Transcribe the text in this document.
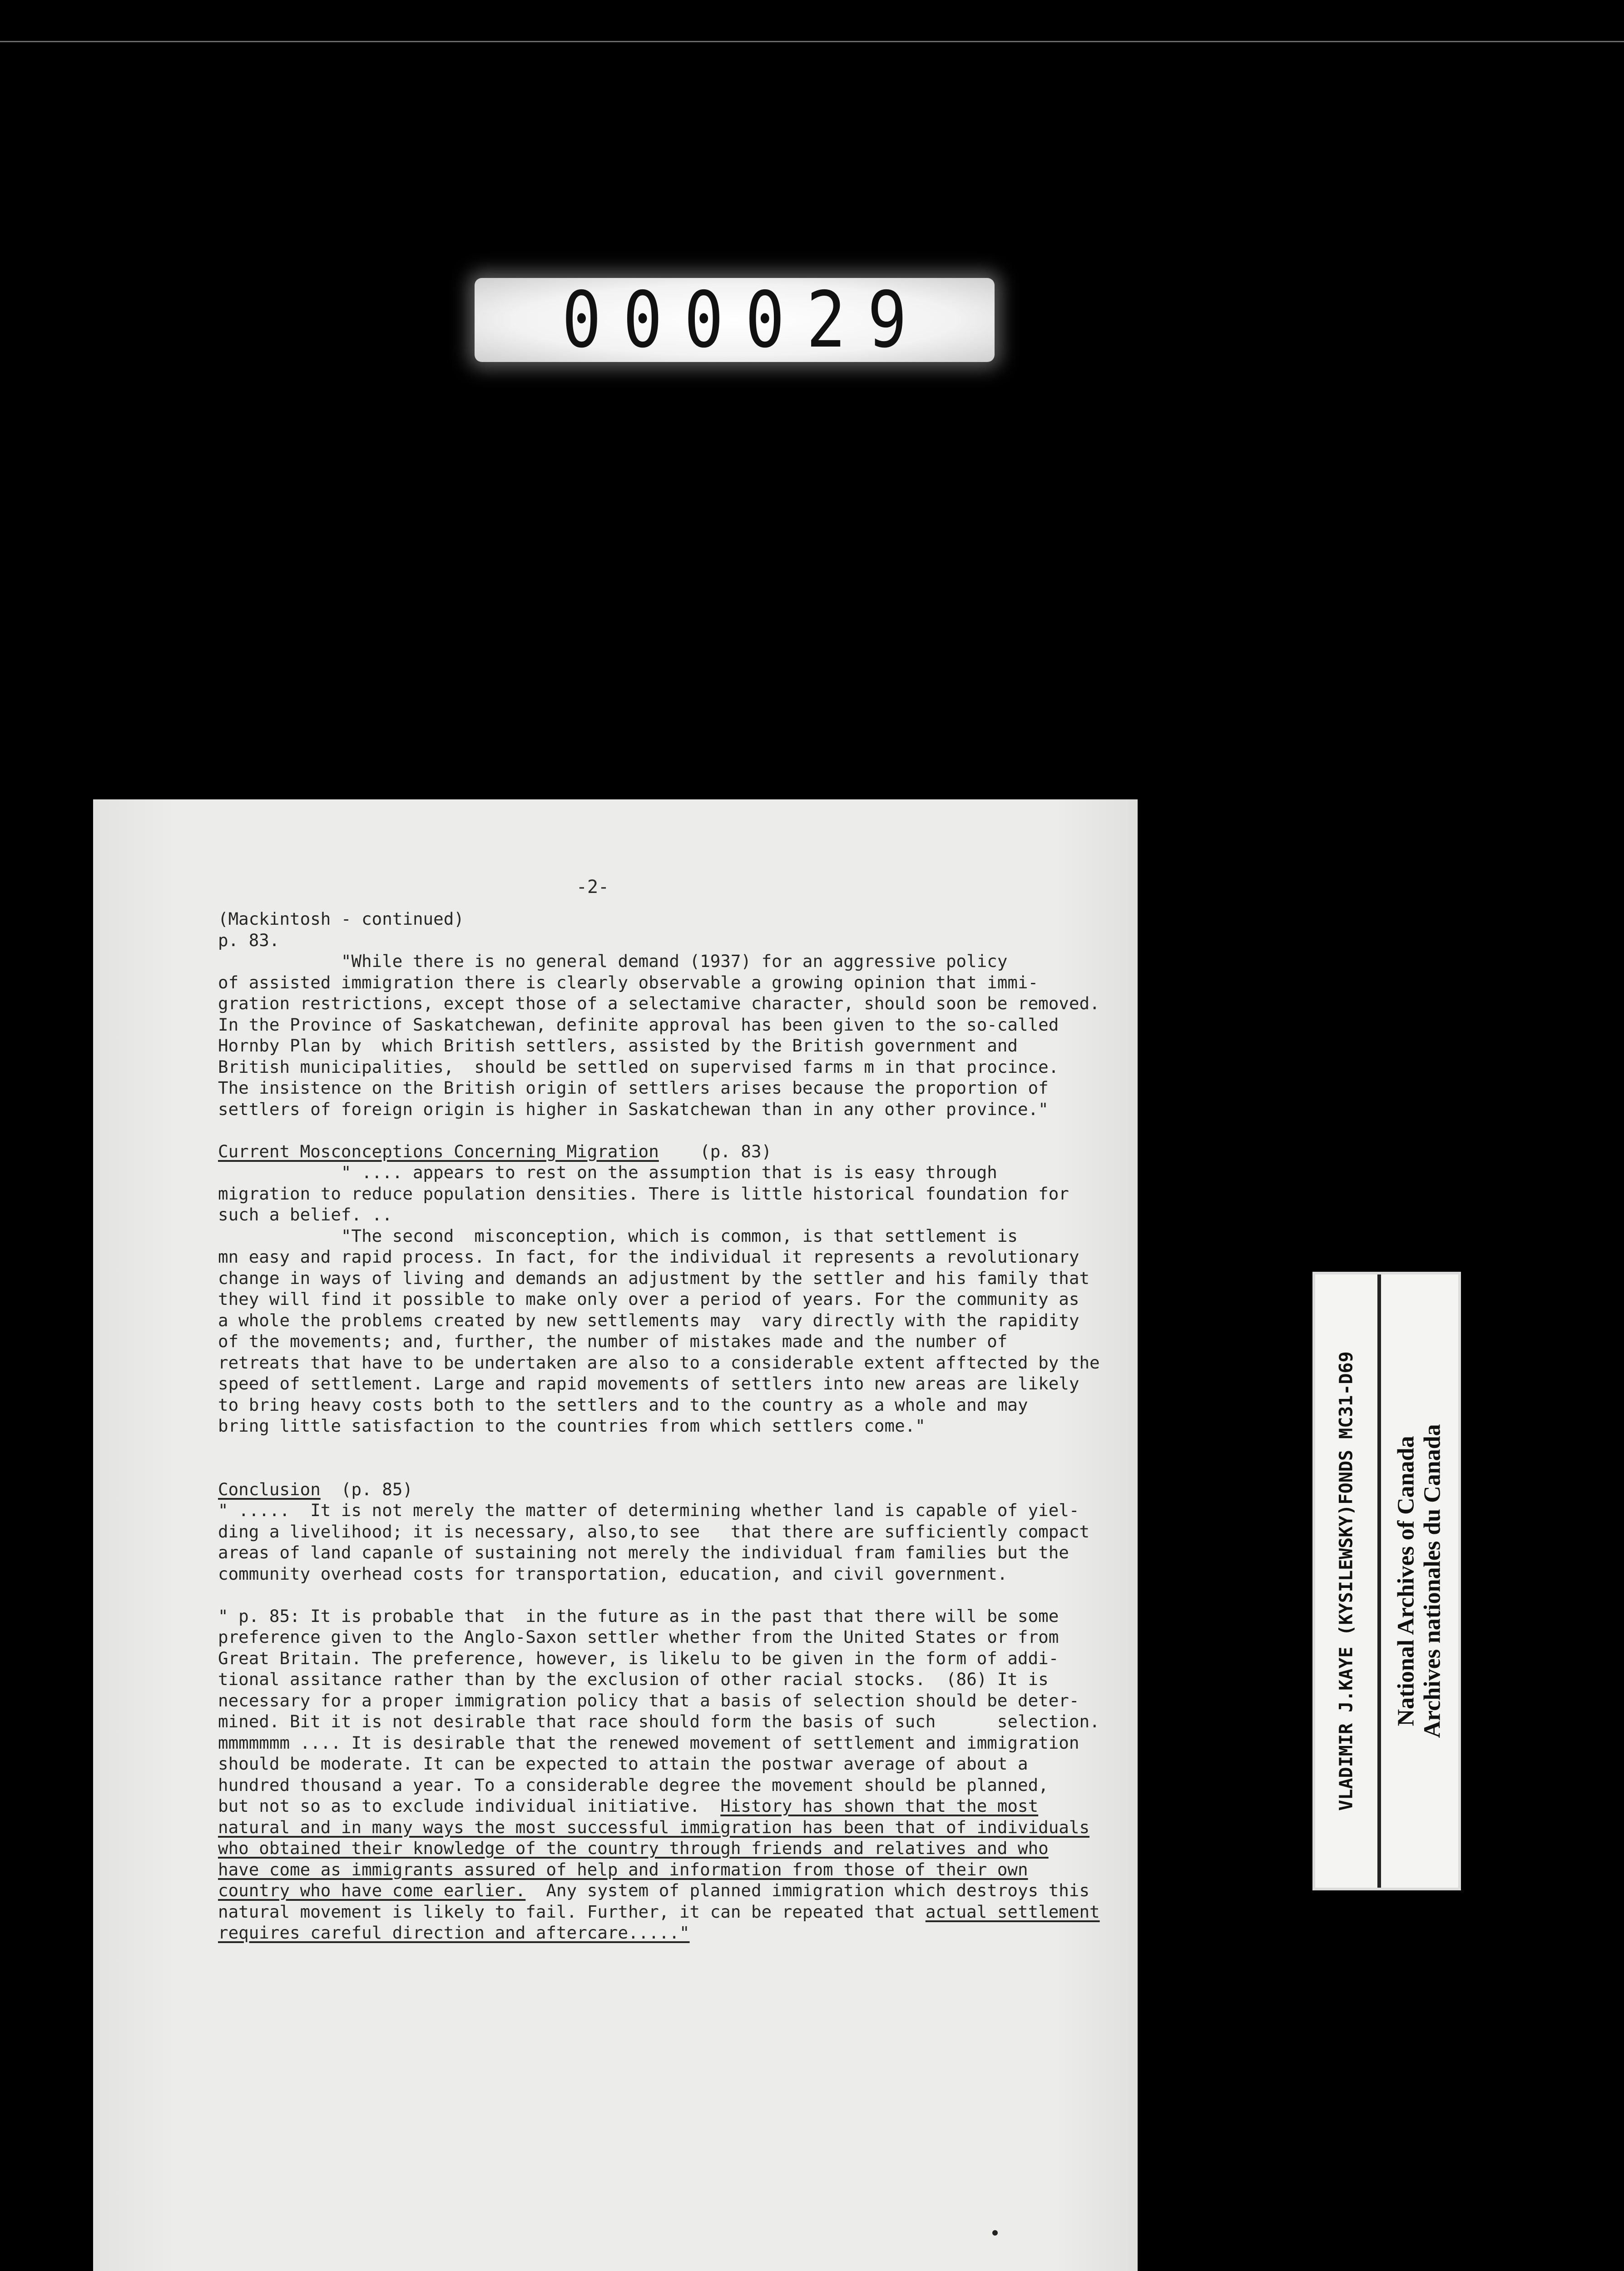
000029
-2-
(Mackintosh - continued)
p. 83.
"While there is no general demand (1937) for an aggressive policy
of assisted immigration there is clearly observable a growing opinion that immi-
gration restrictions, except those of a selectamive character, should soon be removed.
In the Province of Saskatchewan, definite approval has been given to the so-called
Hornby Plan by  which British settlers, assisted by the British government and
British municipalities,  should be settled on supervised farms m in that procince.
The insistence on the British origin of settlers arises because the proportion of
settlers of foreign origin is higher in Saskatchewan than in any other province."
Current Mosconceptions Concerning Migration    (p. 83)
" .... appears to rest on the assumption that is is easy through
migration to reduce population densities. There is little historical foundation for
such a belief. ..
"The second  misconception, which is common, is that settlement is
mn easy and rapid process. In fact, for the individual it represents a revolutionary
change in ways of living and demands an adjustment by the settler and his family that
they will find it possible to make only over a period of years. For the community as
a whole the problems created by new settlements may  vary directly with the rapidity
of the movements; and, further, the number of mistakes made and the number of
retreats that have to be undertaken are also to a considerable extent afftected by the
speed of settlement. Large and rapid movements of settlers into new areas are likely
to bring heavy costs both to the settlers and to the country as a whole and may
bring little satisfaction to the countries from which settlers come."
Conclusion  (p. 85)
" .....  It is not merely the matter of determining whether land is capable of yiel-
ding a livelihood; it is necessary, also,to see   that there are sufficiently compact
areas of land capanle of sustaining not merely the individual fram families but the
community overhead costs for transportation, education, and civil government.
" p. 85: It is probable that  in the future as in the past that there will be some
preference given to the Anglo-Saxon settler whether from the United States or from
Great Britain. The preference, however, is likelu to be given in the form of addi-
tional assitance rather than by the exclusion of other racial stocks.  (86) It is
necessary for a proper immigration policy that a basis of selection should be deter-
mined. Bit it is not desirable that race should form the basis of such      selection.
mmmmmmm .... It is desirable that the renewed movement of settlement and immigration
should be moderate. It can be expected to attain the postwar average of about a
hundred thousand a year. To a considerable degree the movement should be planned,
but not so as to exclude individual initiative.  History has shown that the most
natural and in many ways the most successful immigration has been that of individuals
who obtained their knowledge of the country through friends and relatives and who
have come as immigrants assured of help and information from those of their own
country who have come earlier.  Any system of planned immigration which destroys this
natural movement is likely to fail. Further, it can be repeated that actual settlement
requires careful direction and aftercare....."
VLADIMIR J.KAYE (KYSILEWSKY)FONDS MC31-D69 National Archives of Canada Archives nationales du Canada
